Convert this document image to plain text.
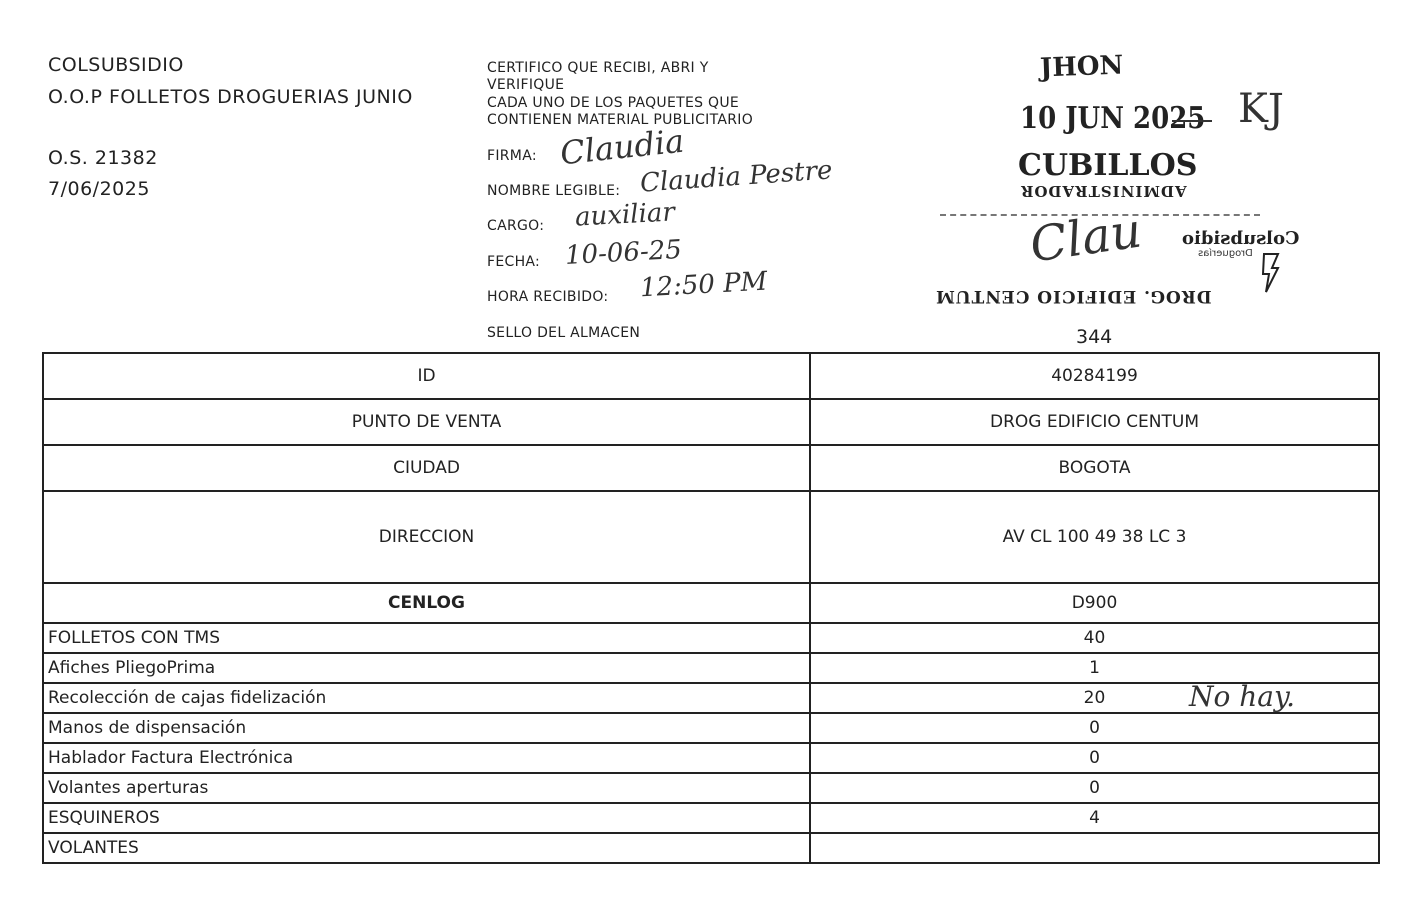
COLSUBSIDIO
O.O.P FOLLETOS DROGUERIAS JUNIO
O.S. 21382
7/06/2025
CERTIFICO QUE RECIBI, ABRI Y
VERIFIQUE
CADA UNO DE LOS PAQUETES QUE
CONTIENEN MATERIAL PUBLICITARIO
FIRMA: Claudia
NOMBRE LEGIBLE: Claudia Pestre
CARGO: auxiliar
FECHA: 10-06-25
HORA RECIBIDO: 12:50 PM
SELLO DEL ALMACEN
JHON
10 JUN 2025 KJ
CUBILLOS
ADMINISTRADOR
Clau Colsubsidio
Droguerías
DROG. EDIFICIO CENTUM
344
ID	40284199
PUNTO DE VENTA	DROG EDIFICIO CENTUM
CIUDAD	BOGOTA
DIRECCION	AV CL 100 49 38 LC 3
CENLOG	D900
FOLLETOS CON TMS	40
Afiches PliegoPrima	1
Recolección de cajas fidelización	20 No hay.

Manos de dispensación	0
Hablador Factura Electrónica	0
Volantes aperturas	0
ESQUINEROS	4
VOLANTES	
